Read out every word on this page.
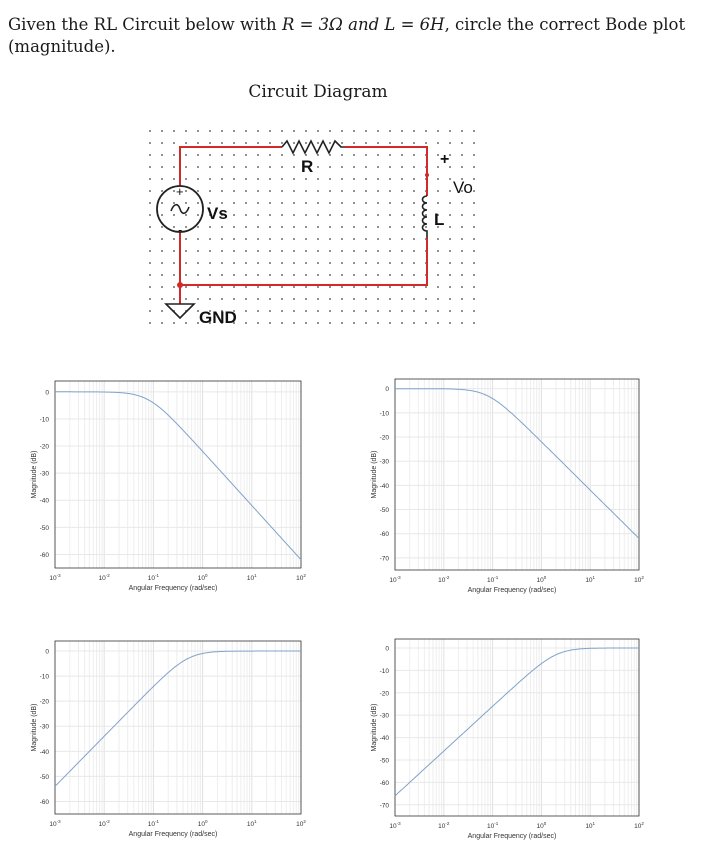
Given the RL Circuit below with R = 3Ω and L = 6H, circle the correct Bode plot
(magnitude).
Circuit Diagram
+
-
R
Vs	L
+
Vo
GND
0
-10
-20
-30
-40
-50
-60
$10^{-3}$	$10^{-2}$	$10^{-1}$	$10^0$	$10^1$	$10^2$
Angular Frequency (rad/sec)
Magnitude (dB)
0
-10
-20
-30
-40
-50
-60
-70
$10^{-3}$	$10^{-2}$	$10^{-1}$	$10^0$	$10^1$	$10^2$
Angular Frequency (rad/sec)
Magnitude (dB)
0
-10
-20
-30
-40
-50
-60
$10^{-3}$	$10^{-2}$	$10^{-1}$	$10^0$	$10^1$	$10^2$
Angular Frequency (rad/sec)
Magnitude (dB)
0
-10
-20
-30
-40
-50
-60
-70
$10^{-3}$	$10^{-2}$	$10^{-1}$	$10^0$	$10^1$	$10^2$
Angular Frequency (rad/sec)
Magnitude (dB)
